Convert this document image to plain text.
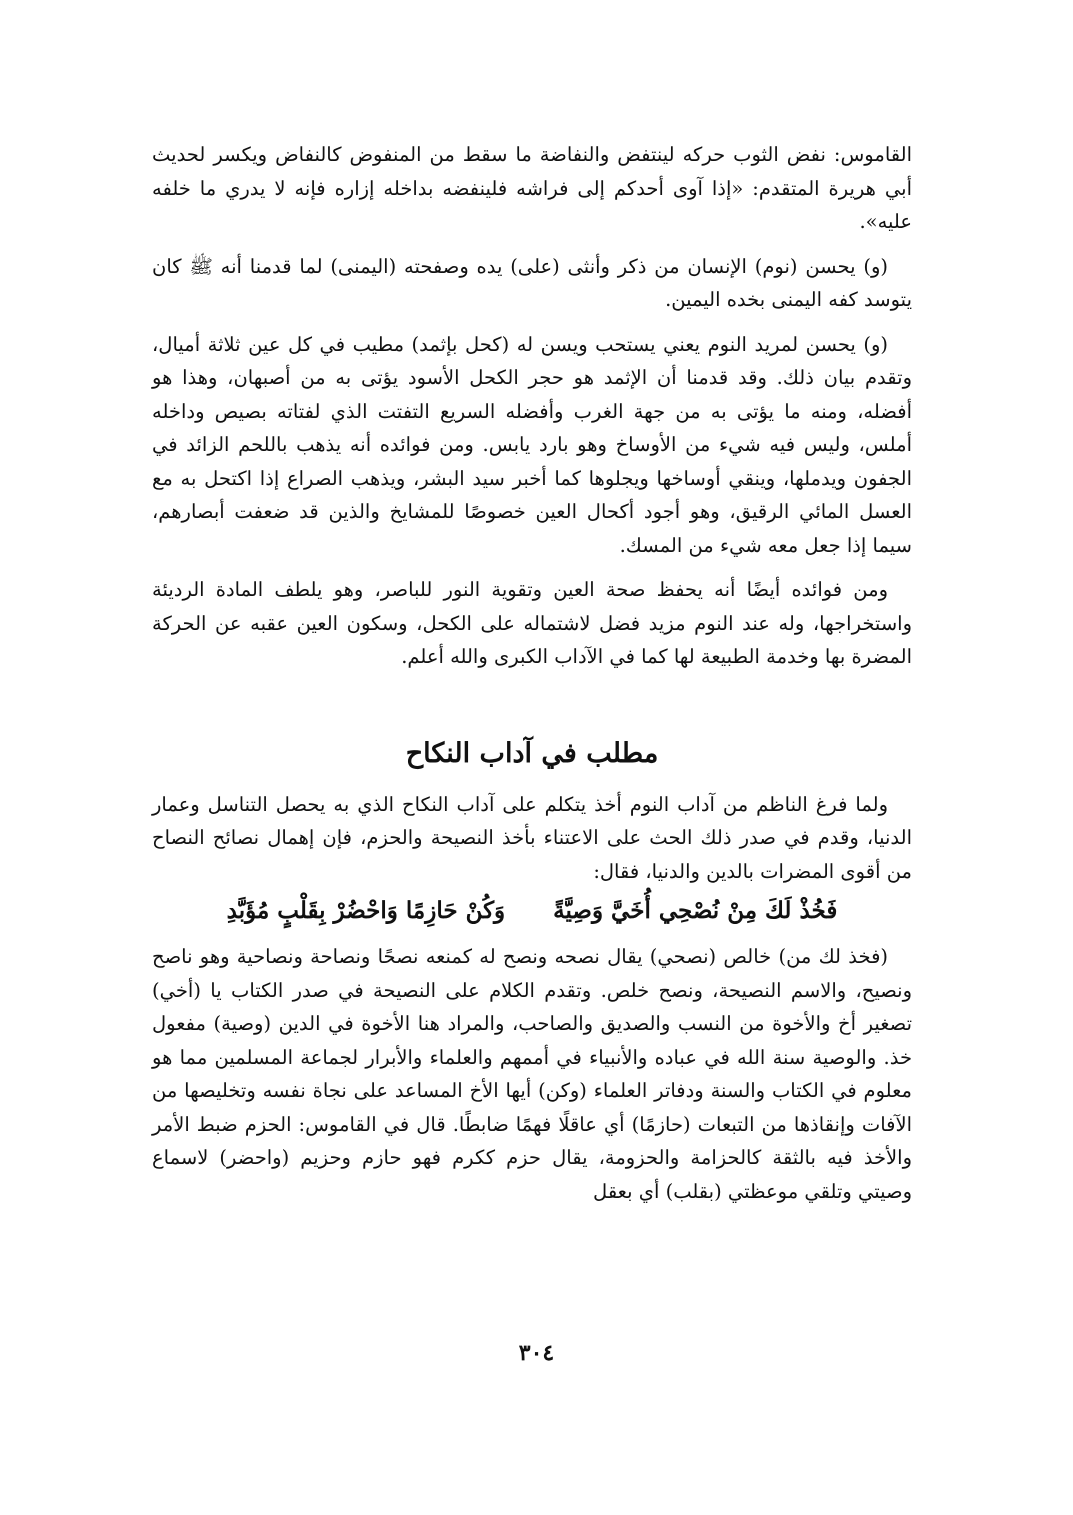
القاموس: نفض الثوب حركه لينتفض والنفاضة ما سقط من المنفوض كالنفاض ويكسر لحديث أبي هريرة المتقدم: «إذا آوى أحدكم إلى فراشه فلينفضه بداخله إزاره فإنه لا يدري ما خلفه عليه».

(و) يحسن (نوم) الإنسان من ذكر وأنثى (على) يده وصفحته (اليمنى) لما قدمنا أنه ﷺ كان يتوسد كفه اليمنى بخده اليمين.

(و) يحسن لمريد النوم يعني يستحب ويسن له (كحل بإثمد) مطيب في كل عين ثلاثة أميال، وتقدم بيان ذلك. وقد قدمنا أن الإثمد هو حجر الكحل الأسود يؤتى به من أصبهان، وهذا هو أفضله، ومنه ما يؤتى به من جهة الغرب وأفضله السريع التفتت الذي لفتاته بصيص وداخله أملس، وليس فيه شيء من الأوساخ وهو بارد يابس. ومن فوائده أنه يذهب باللحم الزائد في الجفون ويدملها، وينقي أوساخها ويجلوها كما أخبر سيد البشر، ويذهب الصراع إذا اكتحل به مع العسل المائي الرقيق، وهو أجود أكحال العين خصوصًا للمشايخ والذين قد ضعفت أبصارهم، سيما إذا جعل معه شيء من المسك.

ومن فوائده أيضًا أنه يحفظ صحة العين وتقوية النور للباصر، وهو يلطف المادة الرديئة واستخراجها، وله عند النوم مزيد فضل لاشتماله على الكحل، وسكون العين عقبه عن الحركة المضرة بها وخدمة الطبيعة لها كما في الآداب الكبرى والله أعلم.

مطلب في آداب النكاح

ولما فرغ الناظم من آداب النوم أخذ يتكلم على آداب النكاح الذي به يحصل التناسل وعمار الدنيا، وقدم في صدر ذلك الحث على الاعتناء بأخذ النصيحة والحزم، فإن إهمال نصائح النصاح من أقوى المضرات بالدين والدنيا، فقال:

فَخُذْ لَكَ مِنْ نُصْحِي أُخَيَّ وَصِيَّةً
وَكُنْ حَازِمًا وَاحْضُرْ بِقَلْبٍ مُؤَبَّدِ

(فخذ لك من) خالص (نصحي) يقال نصحه ونصح له كمنعه نصحًا ونصاحة ونصاحية وهو ناصح ونصيح، والاسم النصيحة، ونصح خلص. وتقدم الكلام على النصيحة في صدر الكتاب يا (أخي) تصغير أخ والأخوة من النسب والصديق والصاحب، والمراد هنا الأخوة في الدين (وصية) مفعول خذ. والوصية سنة الله في عباده والأنبياء في أممهم والعلماء والأبرار لجماعة المسلمين مما هو معلوم في الكتاب والسنة ودفاتر العلماء (وكن) أيها الأخ المساعد على نجاة نفسه وتخليصها من الآفات وإنقاذها من التبعات (حازمًا) أي عاقلًا فهمًا ضابطًا. قال في القاموس: الحزم ضبط الأمر والأخذ فيه بالثقة كالحزامة والحزومة، يقال حزم ككرم فهو حازم وحزيم (واحضر) لاسماع وصيتي وتلقي موعظتي (بقلب) أي بعقل

٣٠٤
